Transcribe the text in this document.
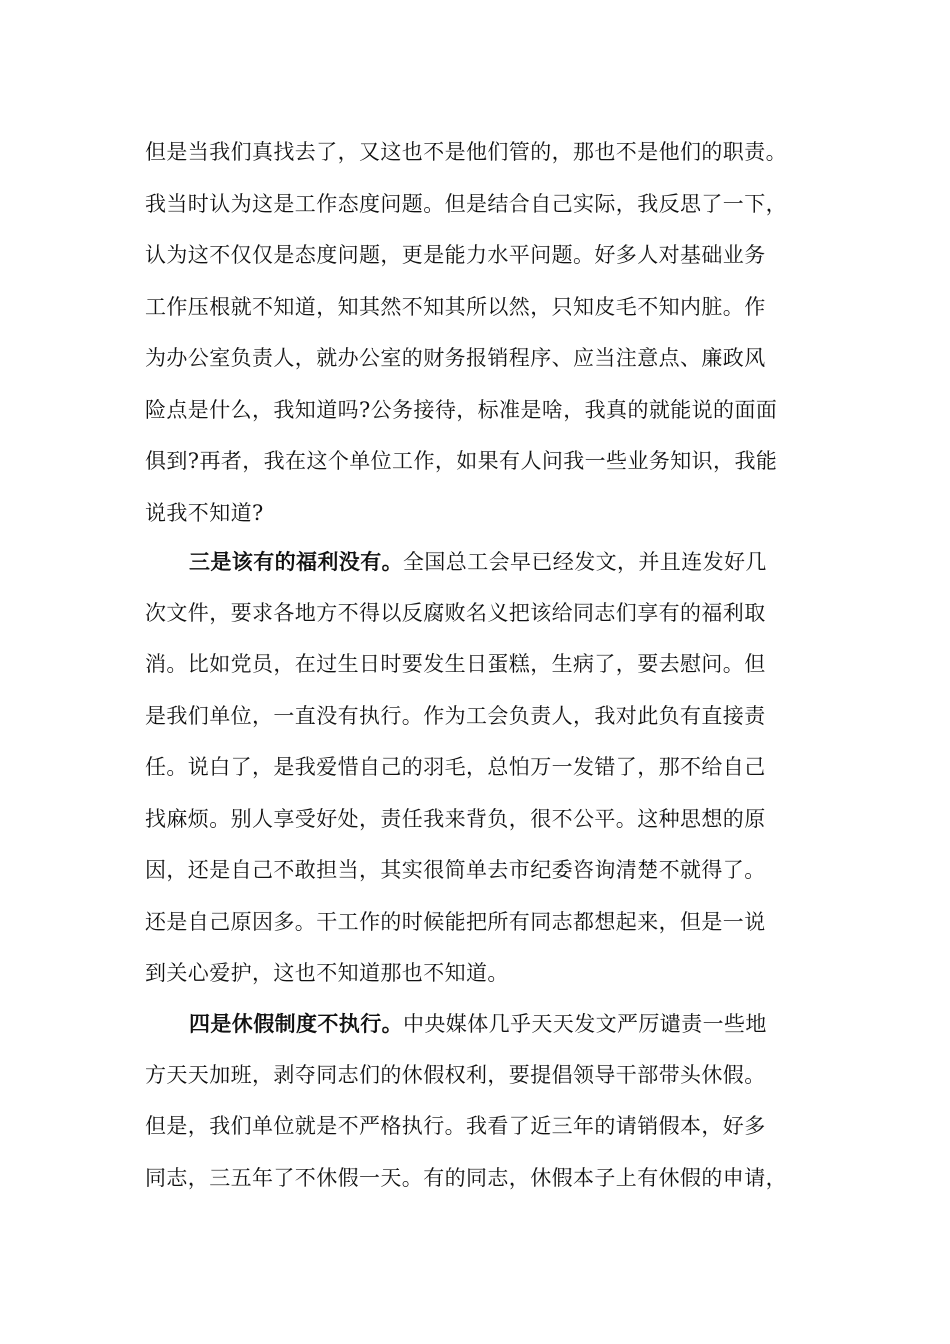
但是当我们真找去了，又这也不是他们管的，那也不是他们的职责。
我当时认为这是工作态度问题。但是结合自己实际，我反思了一下，
认为这不仅仅是态度问题，更是能力水平问题。好多人对基础业务
工作压根就不知道，知其然不知其所以然，只知皮毛不知内脏。作
为办公室负责人，就办公室的财务报销程序、应当注意点、廉政风
险点是什么，我知道吗?公务接待，标准是啥，我真的就能说的面面
俱到?再者，我在这个单位工作，如果有人问我一些业务知识，我能
说我不知道?
三是该有的福利没有。全国总工会早已经发文，并且连发好几
次文件，要求各地方不得以反腐败名义把该给同志们享有的福利取
消。比如党员，在过生日时要发生日蛋糕，生病了，要去慰问。但
是我们单位，一直没有执行。作为工会负责人，我对此负有直接责
任。说白了，是我爱惜自己的羽毛，总怕万一发错了，那不给自己
找麻烦。别人享受好处，责任我来背负，很不公平。这种思想的原
因，还是自己不敢担当，其实很简单去市纪委咨询清楚不就得了。
还是自己原因多。干工作的时候能把所有同志都想起来，但是一说
到关心爱护，这也不知道那也不知道。
四是休假制度不执行。中央媒体几乎天天发文严厉谴责一些地
方天天加班，剥夺同志们的休假权利，要提倡领导干部带头休假。
但是，我们单位就是不严格执行。我看了近三年的请销假本，好多
同志，三五年了不休假一天。有的同志，休假本子上有休假的申请，
